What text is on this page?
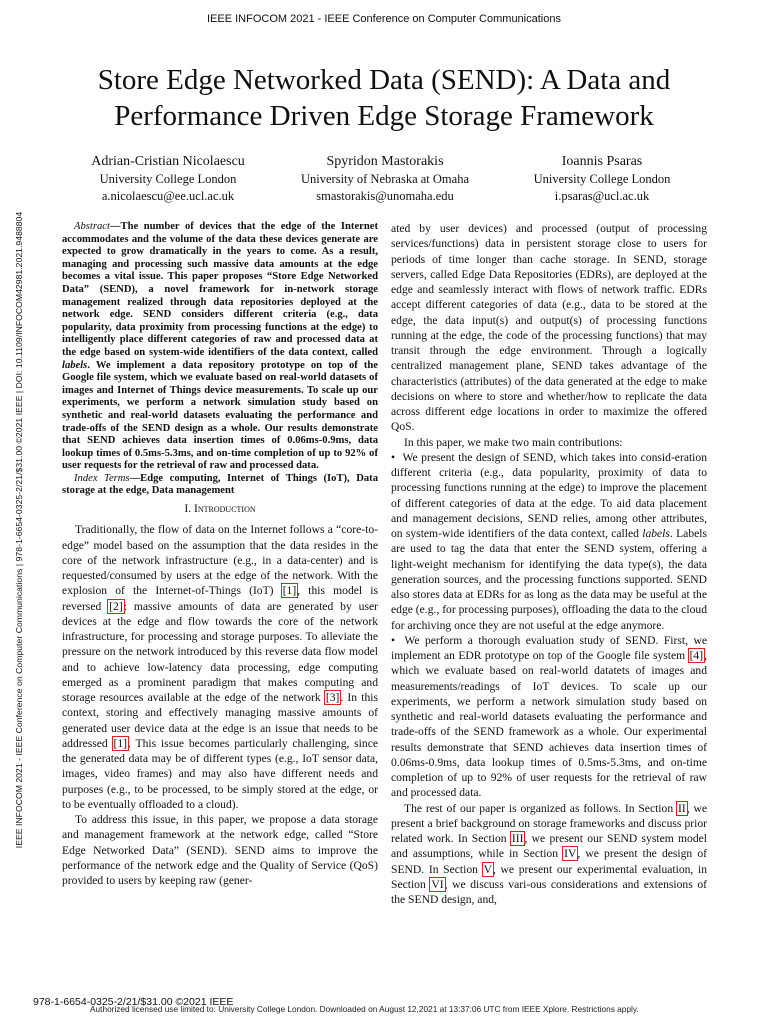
IEEE INFOCOM 2021 - IEEE Conference on Computer Communications
Store Edge Networked Data (SEND): A Data and Performance Driven Edge Storage Framework
Adrian-Cristian Nicolaescu
University College London
a.nicolaescu@ee.ucl.ac.uk
Spyridon Mastorakis
University of Nebraska at Omaha
smastorakis@unomaha.edu
Ioannis Psaras
University College London
i.psaras@ucl.ac.uk
IEEE INFOCOM 2021 - IEEE Conference on Computer Communications | 978-1-6654-0325-2/21/$31.00 ©2021 IEEE | DOI: 10.1109/INFOCOM42981.2021.9488804	Abstract—The number of devices that the edge of the Internet accommodates and the volume of the data these devices generate are expected to grow dramatically in the years to come. As a result, managing and processing such massive data amounts at the edge becomes a vital issue. This paper proposes “Store Edge Networked Data” (SEND), a novel framework for in-network storage management realized through data repositories deployed at the network edge. SEND considers different criteria (e.g., data popularity, data proximity from processing functions at the edge) to intelligently place different categories of raw and processed data at the edge based on system-wide identifiers of the data context, called labels. We implement a data repository prototype on top of the Google file system, which we evaluate based on real-world datasets of images and Internet of Things device measurements. To scale up our experiments, we perform a network simulation study based on synthetic and real-world datasets evaluating the performance and trade-offs of the SEND design as a whole. Our results demonstrate that SEND achieves data insertion times of 0.06ms-0.9ms, data lookup times of 0.5ms-5.3ms, and on-time completion of up to 92% of user requests for the retrieval of raw and processed data.

Index Terms—Edge computing, Internet of Things (IoT), Data storage at the edge, Data management

I. Introduction

Traditionally, the flow of data on the Internet follows a “core-to-edge” model based on the assumption that the data resides in the core of the network infrastructure (e.g., in a data-center) and is requested/consumed by users at the edge of the network. With the explosion of the Internet-of-Things (IoT) [1], this model is reversed [2]: massive amounts of data are generated by user devices at the edge and flow towards the core of the network infrastructure, for processing and storage purposes. To alleviate the pressure on the network introduced by this reverse data flow model and to achieve low-latency data processing, edge computing emerged as a prominent paradigm that makes computing and storage resources available at the edge of the network [3]. In this context, storing and effectively managing massive amounts of generated user device data at the edge is an issue that needs to be addressed [1]. This issue becomes particularly challenging, since the generated data may be of different types (e.g., IoT sensor data, images, video frames) and may also have different needs and purposes (e.g., to be processed, to be simply stored at the edge, or to be eventually offloaded to a cloud).

To address this issue, in this paper, we propose a data storage and management framework at the network edge, called “Store Edge Networked Data” (SEND). SEND aims to improve the performance of the network edge and the Quality of Service (QoS) provided to users by keeping raw (gener-

ated by user devices) and processed (output of processing services/functions) data in persistent storage close to users for periods of time longer than cache storage. In SEND, storage servers, called Edge Data Repositories (EDRs), are deployed at the edge and seamlessly interact with flows of network traffic. EDRs accept different categories of data (e.g., data to be stored at the edge, the data input(s) and output(s) of processing functions running at the edge, the code of the processing functions) that may transit through the edge environment. Through a logically centralized management plane, SEND takes advantage of the characteristics (attributes) of the data generated at the edge to make decisions on where to store and whether/how to replicate the data across different edge locations in order to maximize the offered QoS.

In this paper, we make two main contributions:

• We present the design of SEND, which takes into consid-eration different criteria (e.g., data popularity, proximity of data to processing functions running at the edge) to improve the placement of different categories of data at the edge. To aid data placement and management decisions, SEND relies, among other attributes, on system-wide identifiers of the data context, called labels. Labels are used to tag the data that enter the SEND system, offering a light-weight mechanism for identifying the data type(s), the data generation sources, and the processing functions supported. SEND also stores data at EDRs for as long as the data may be useful at the edge (e.g., for processing purposes), offloading the data to the cloud for archiving once they are not useful at the edge anymore.

• We perform a thorough evaluation study of SEND. First, we implement an EDR prototype on top of the Google file system [4], which we evaluate based on real-world datatets of images and measurements/readings of IoT devices. To scale up our experiments, we perform a network simulation study based on synthetic and real-world datasets evaluating the performance and trade-offs of the SEND framework as a whole. Our experimental results demonstrate that SEND achieves data insertion times of 0.06ms-0.9ms, data lookup times of 0.5ms-5.3ms, and on-time completion of up to 92% of user requests for the retrieval of raw and processed data.

The rest of our paper is organized as follows. In Section II, we present a brief background on storage frameworks and discuss prior related work. In Section III, we present our SEND system model and assumptions, while in Section IV, we present the design of SEND. In Section V, we present our experimental evaluation, in Section VI, we discuss vari-ous considerations and extensions of the SEND design, and,

978-1-6654-0325-2/21/$31.00 ©2021 IEEE
Authorized licensed use limited to: University College London. Downloaded on August 12,2021 at 13:37:06 UTC from IEEE Xplore. Restrictions apply.
